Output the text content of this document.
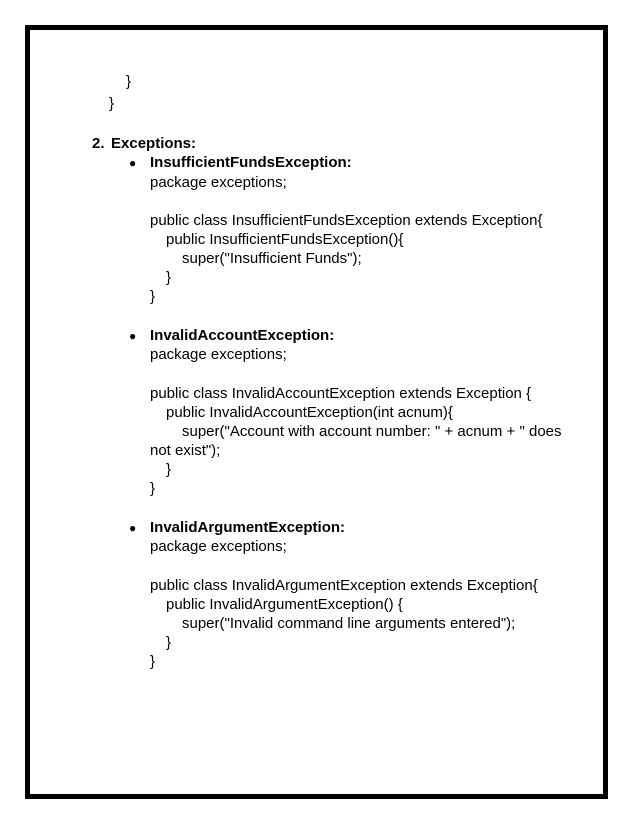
}
}
2. Exceptions:
● InsufficientFundsException:
package exceptions;
public class InsufficientFundsException extends Exception{
public InsufficientFundsException(){
super("Insufficient Funds");
}
}
● InvalidAccountException:
package exceptions;
public class InvalidAccountException extends Exception {
public InvalidAccountException(int acnum){
super("Account with account number: " + acnum + " does
not exist");
}
}
● InvalidArgumentException:
package exceptions;
public class InvalidArgumentException extends Exception{
public InvalidArgumentException() {
super("Invalid command line arguments entered");
}
}
